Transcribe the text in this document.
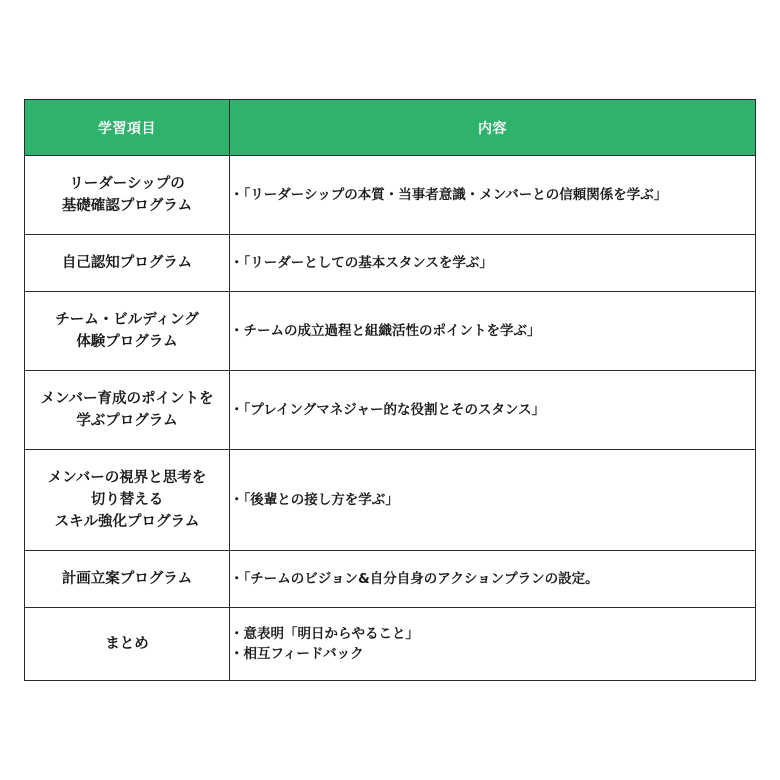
学習項目	内容

リーダーシップの
基礎確認プログラム	・「リーダーシップの本質・当事者意識・メンバーとの信頼関係を学ぶ」

自己認知プログラム	・「リーダーとしての基本スタンスを学ぶ」

チーム・ビルディング
体験プログラム	・チームの成立過程と組織活性のポイントを学ぶ」

メンバー育成のポイントを
学ぶプログラム	・「プレイングマネジャー的な役割とそのスタンス」

メンバーの視界と思考を
切り替える
スキル強化プログラム	・「後輩との接し方を学ぶ」

計画立案プログラム	・「チームのビジョン&自分自身のアクションプランの設定。

まとめ	・意表明「明日からやること」
・相互フィードバック
